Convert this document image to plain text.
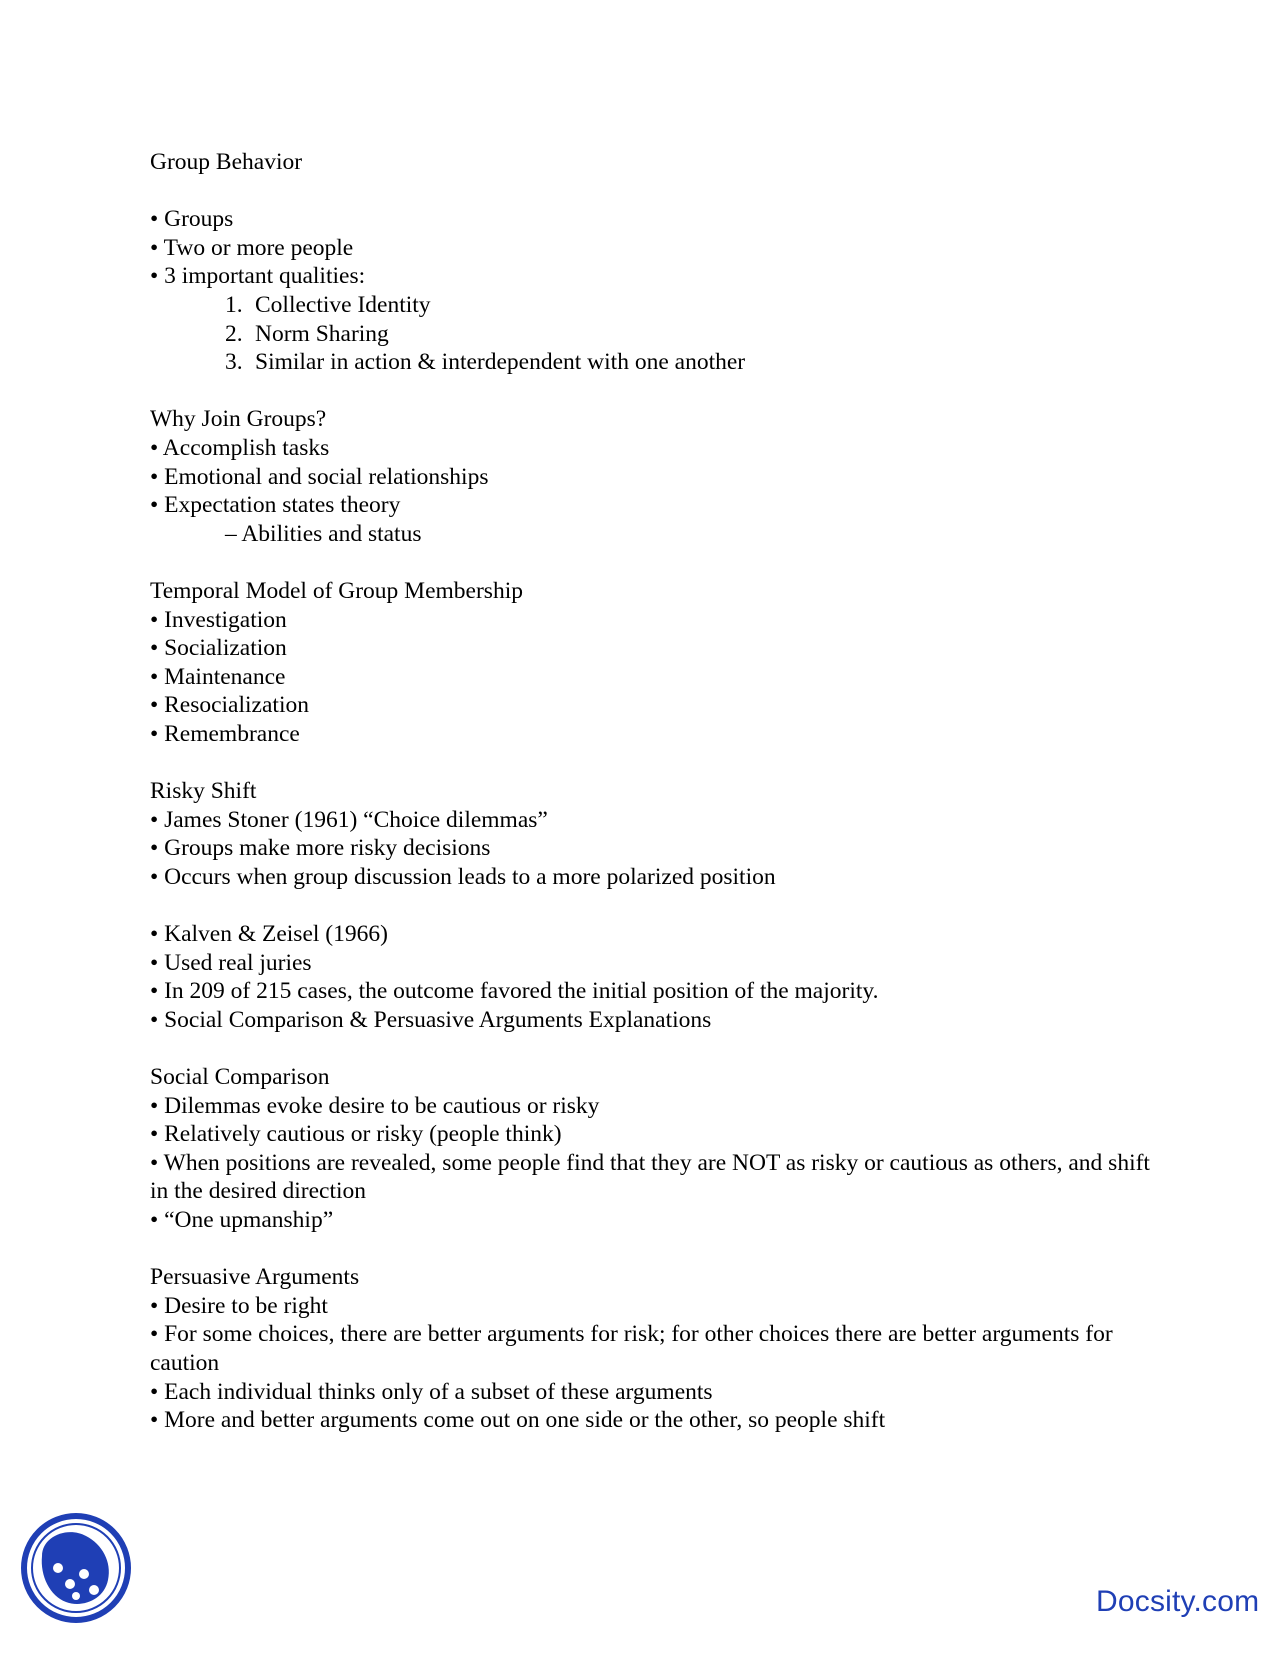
Group Behavior

• Groups

• Two or more people

• 3 important qualities:

1. Collective Identity

2. Norm Sharing

3. Similar in action & interdependent with one another

Why Join Groups?

• Accomplish tasks

• Emotional and social relationships

• Expectation states theory

– Abilities and status

Temporal Model of Group Membership

• Investigation

• Socialization

• Maintenance

• Resocialization

• Remembrance

Risky Shift

• James Stoner (1961) “Choice dilemmas”

• Groups make more risky decisions

• Occurs when group discussion leads to a more polarized position

• Kalven & Zeisel (1966)

• Used real juries

• In 209 of 215 cases, the outcome favored the initial position of the majority.

• Social Comparison & Persuasive Arguments Explanations

Social Comparison

• Dilemmas evoke desire to be cautious or risky

• Relatively cautious or risky (people think)

• When positions are revealed, some people find that they are NOT as risky or cautious as others, and shift in the desired direction

• “One upmanship”

Persuasive Arguments

• Desire to be right

• For some choices, there are better arguments for risk; for other choices there are better arguments for caution

• Each individual thinks only of a subset of these arguments

• More and better arguments come out on one side or the other, so people shift

Docsity.com
